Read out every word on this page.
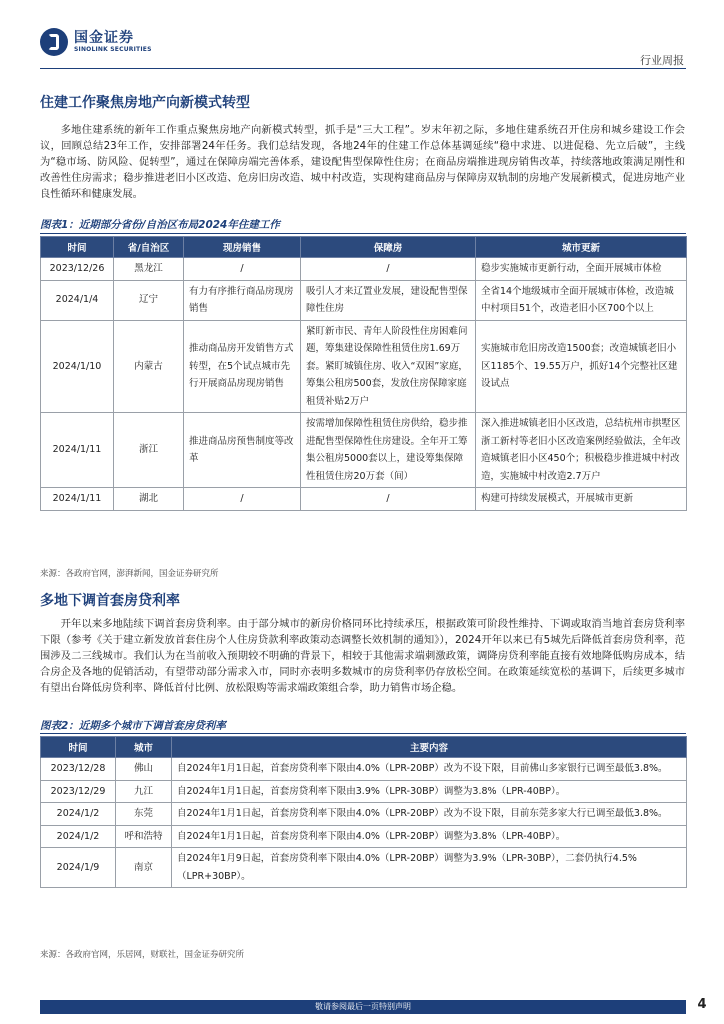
国金证券
SINOLINK SECURITIES
行业周报
住建工作聚焦房地产向新模式转型
多地住建系统的新年工作重点聚焦房地产向新模式转型，抓手是“三大工程”。岁末年初之际，多地住建系统召开住房和城乡建设工作会议，回顾总结23年工作，安排部署24年任务。我们总结发现，各地24年的住建工作总体基调延续“稳中求进、以进促稳、先立后破”，主线为“稳市场、防风险、促转型”，通过在保障房端完善体系，建设配售型保障性住房；在商品房端推进现房销售改革，持续落地政策满足刚性和改善性住房需求；稳步推进老旧小区改造、危房旧房改造、城中村改造，实现构建商品房与保障房双轨制的房地产发展新模式，促进房地产业良性循环和健康发展。
图表1：近期部分省份/自治区布局2024年住建工作
时间	省/自治区	现房销售	保障房	城市更新
2023/12/26	黑龙江	/	/	稳步实施城市更新行动，全面开展城市体检
2024/1/4	辽宁	有力有序推行商品房现房销售	吸引人才来辽置业发展，建设配售型保障性住房	全省14个地级城市全面开展城市体检，改造城中村项目51个，改造老旧小区700个以上
2024/1/10	内蒙古	推动商品房开发销售方式转型，在5个试点城市先行开展商品房现房销售	紧盯新市民、青年人阶段性住房困难问题，筹集建设保障性租赁住房1.69万套。紧盯城镇住房、收入“双困”家庭，筹集公租房500套，发放住房保障家庭租赁补贴2万户	实施城市危旧房改造1500套；改造城镇老旧小区1185个、19.55万户，抓好14个完整社区建设试点
2024/1/11	浙江	推进商品房预售制度等改革	按需增加保障性租赁住房供给，稳步推进配售型保障性住房建设。全年开工筹集公租房5000套以上，建设筹集保障性租赁住房20万套（间）	深入推进城镇老旧小区改造，总结杭州市拱墅区浙工新村等老旧小区改造案例经验做法，全年改造城镇老旧小区450个；积极稳步推进城中村改造，实施城中村改造2.7万户
2024/1/11	湖北	/	/	构建可持续发展模式，开展城市更新
来源：各政府官网，澎湃新闻，国金证券研究所
多地下调首套房贷利率
开年以来多地陆续下调首套房贷利率。由于部分城市的新房价格同环比持续承压，根据政策可阶段性维持、下调或取消当地首套房贷利率下限（参考《关于建立新发放首套住房个人住房贷款利率政策动态调整长效机制的通知》），2024开年以来已有5城先后降低首套房贷利率，范围涉及二三线城市。我们认为在当前收入预期较不明确的背景下，相较于其他需求端刺激政策，调降房贷利率能直接有效地降低购房成本，结合房企及各地的促销活动，有望带动部分需求入市，同时亦表明多数城市的房贷利率仍存放松空间。在政策延续宽松的基调下，后续更多城市有望出台降低房贷利率、降低首付比例、放松限购等需求端政策组合拳，助力销售市场企稳。
图表2：近期多个城市下调首套房贷利率
时间	城市	主要内容
2023/12/28	佛山	自2024年1月1日起，首套房贷利率下限由4.0%（LPR-20BP）改为不设下限，目前佛山多家银行已调至最低3.8%。
2023/12/29	九江	自2024年1月1日起，首套房贷利率下限由3.9%（LPR-30BP）调整为3.8%（LPR-40BP）。
2024/1/2	东莞	自2024年1月1日起，首套房贷利率下限由4.0%（LPR-20BP）改为不设下限，目前东莞多家大行已调至最低3.8%。
2024/1/2	呼和浩特	自2024年1月1日起，首套房贷利率下限由4.0%（LPR-20BP）调整为3.8%（LPR-40BP）。
2024/1/9	南京	自2024年1月9日起，首套房贷利率下限由4.0%（LPR-20BP）调整为3.9%（LPR-30BP），二套仍执行4.5%（LPR+30BP）。
来源：各政府官网，乐居网，财联社，国金证券研究所
敬请参阅最后一页特别声明	4
